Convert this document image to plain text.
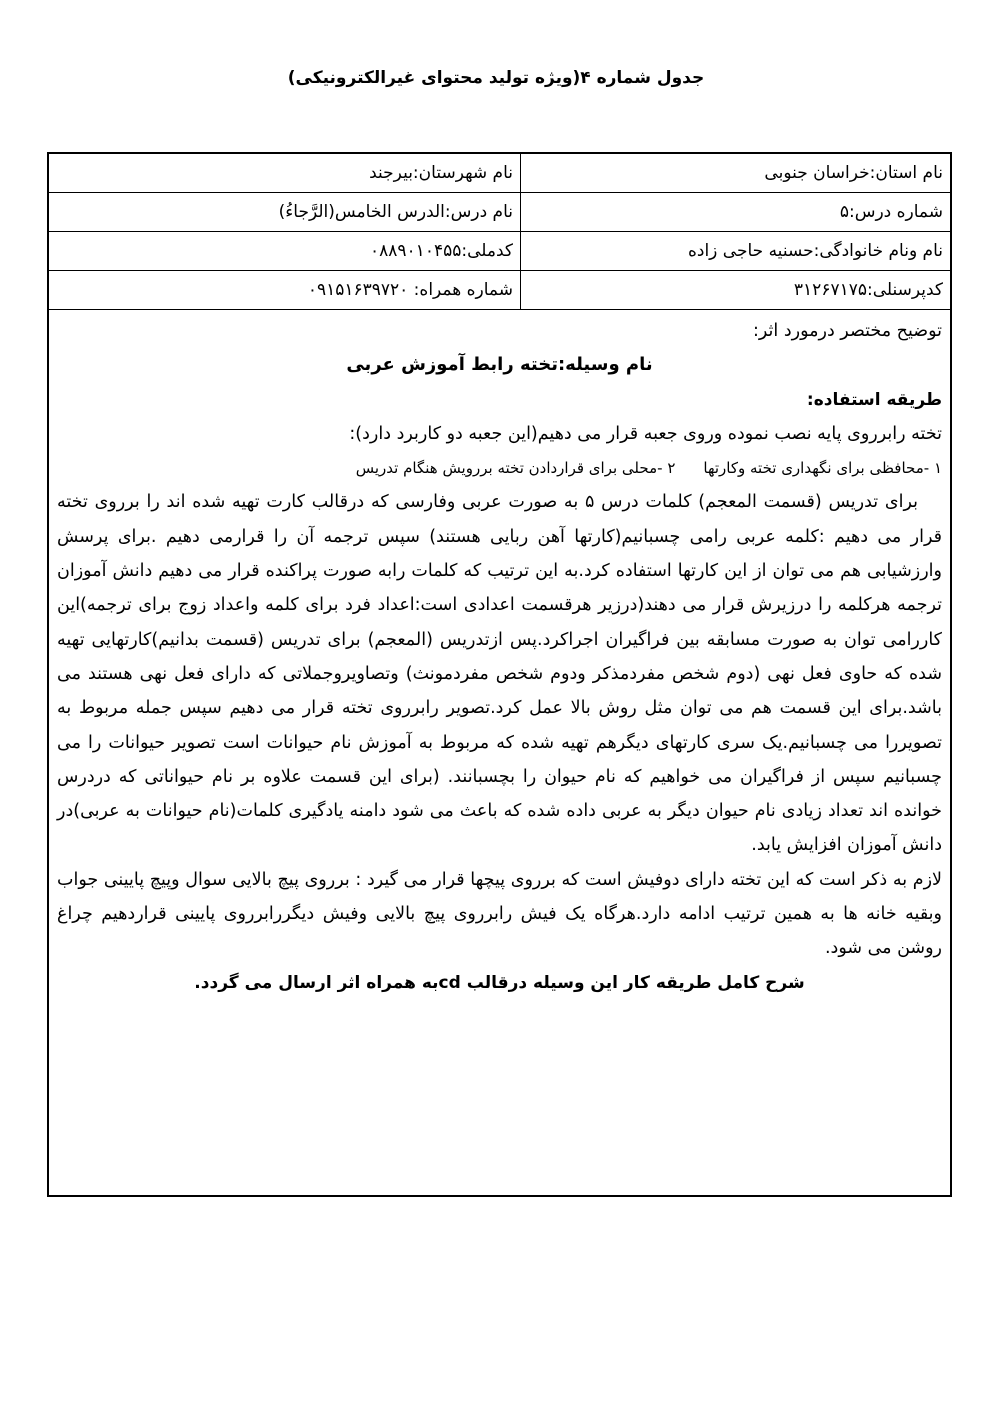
جدول شماره ۴(ویژه تولید محتوای غیرالکترونیکی)
نام استان:خراسان جنوبی	نام شهرستان:بیرجند
شماره درس:۵	نام درس:الدرس الخامس(الرَّجاءُ)
نام ونام خانوادگی:حسنیه حاجی زاده	کدملی:۰۸۸۹۰۱۰۴۵۵
کدپرسنلی:۳۱۲۶۷۱۷۵	شماره همراه: ۰۹۱۵۱۶۳۹۷۲۰

توضیح مختصر درمورد اثر:

نام وسیله:تخته رابط آموزش عربی

طریقه استفاده:

تخته رابرروی پایه نصب نموده وروی جعبه قرار می دهیم(این جعبه دو کاربرد دارد):

۱ -محافظی برای نگهداری تخته وکارتها۲ -محلی برای قراردادن تخته بررویش هنگام تدریس

برای تدریس (قسمت المعجم) کلمات درس ۵ به صورت عربی وفارسی که درقالب کارت تهیه شده اند را برروی تخته قرار می دهیم :کلمه عربی رامی چسبانیم(کارتها آهن ربایی هستند) سپس ترجمه آن را قرارمی دهیم .برای پرسش وارزشیابی هم می توان از این کارتها استفاده کرد.به این ترتیب که کلمات رابه صورت پراکنده قرار می دهیم دانش آموزان ترجمه هرکلمه را درزیرش قرار می دهند(درزیر هرقسمت اعدادی است:اعداد فرد برای کلمه واعداد زوج برای ترجمه)این کاررامی توان به صورت مسابقه بین فراگیران اجراکرد.پس ازتدریس (المعجم) برای تدریس (قسمت بدانیم)کارتهایی تهیه شده که حاوی فعل نهی (دوم شخص مفردمذکر ودوم شخص مفردمونث) وتصاویروجملاتی که دارای فعل نهی هستند می باشد.برای این قسمت هم می توان مثل روش بالا عمل کرد.تصویر رابرروی تخته قرار می دهیم سپس جمله مربوط به تصویررا می چسبانیم.یک سری کارتهای دیگرهم تهیه شده که مربوط به آموزش نام حیوانات است تصویر حیوانات را می چسبانیم سپس از فراگیران می خواهیم که نام حیوان را بچسبانند. (برای این قسمت علاوه بر نام حیواناتی که دردرس خوانده اند تعداد زیادی نام حیوان دیگر به عربی داده شده که باعث می شود دامنه یادگیری کلمات(نام حیوانات به عربی)در دانش آموزان افزایش یابد.

لازم به ذکر است که این تخته دارای دوفیش است که برروی پیچها قرار می گیرد : برروی پیچ بالایی سوال وپیچ پایینی جواب وبقیه خانه ها به همین ترتیب ادامه دارد.هرگاه یک فیش رابرروی پیچ بالایی وفیش دیگررابرروی پایینی قراردهیم چراغ روشن می شود.

شرح کامل طریقه کار این وسیله درقالب cdبه همراه اثر ارسال می گردد.
